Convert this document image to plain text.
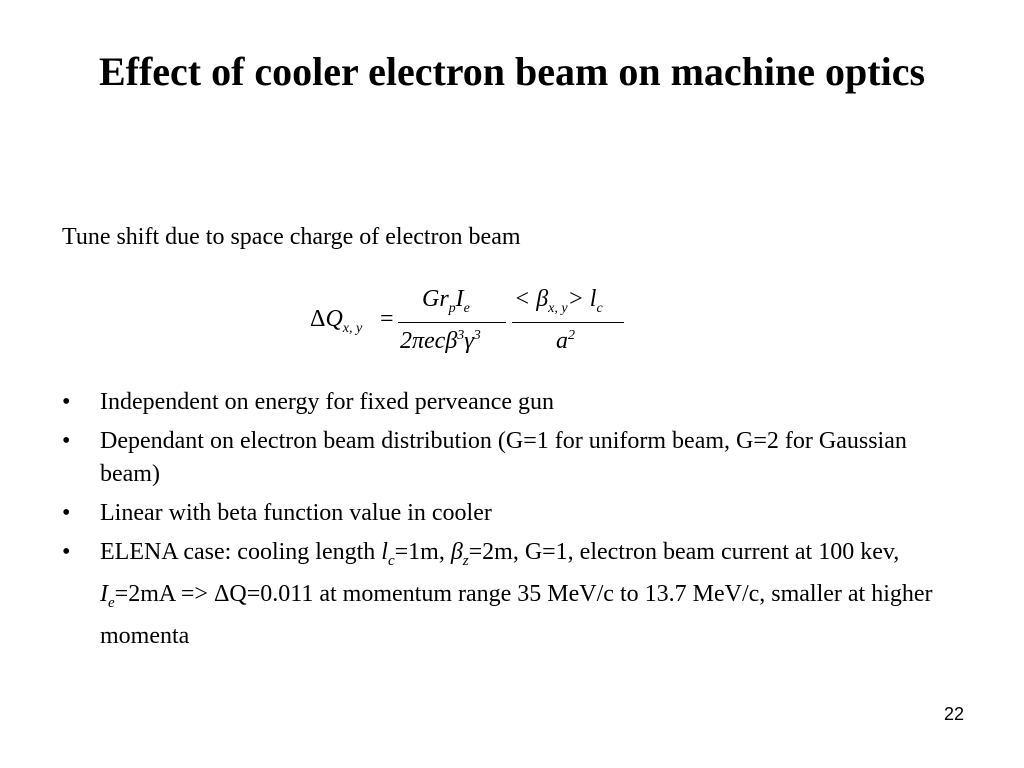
Effect of cooler electron beam on machine optics
Tune shift due to space charge of electron beam
$\Delta Q_{x, y}$ =
$Gr_pI_e$
$2\pi ec\beta^3\gamma^3$
< $\beta_{x, y}> l_c$
$a^2$
• Independent on energy for fixed perveance gun
• Dependant on electron beam distribution (G=1 for uniform beam, G=2 for Gaussian beam)
• Linear with beta function value in cooler
• ELENA case: cooling length $l_c=1m$, $\beta_z=2m$, G=1, electron beam current at 100 kev, $I_e=2mA => \Delta Q=0.011$ at momentum range 35 MeV/c to 13.7 MeV/c, smaller at higher momenta
22
